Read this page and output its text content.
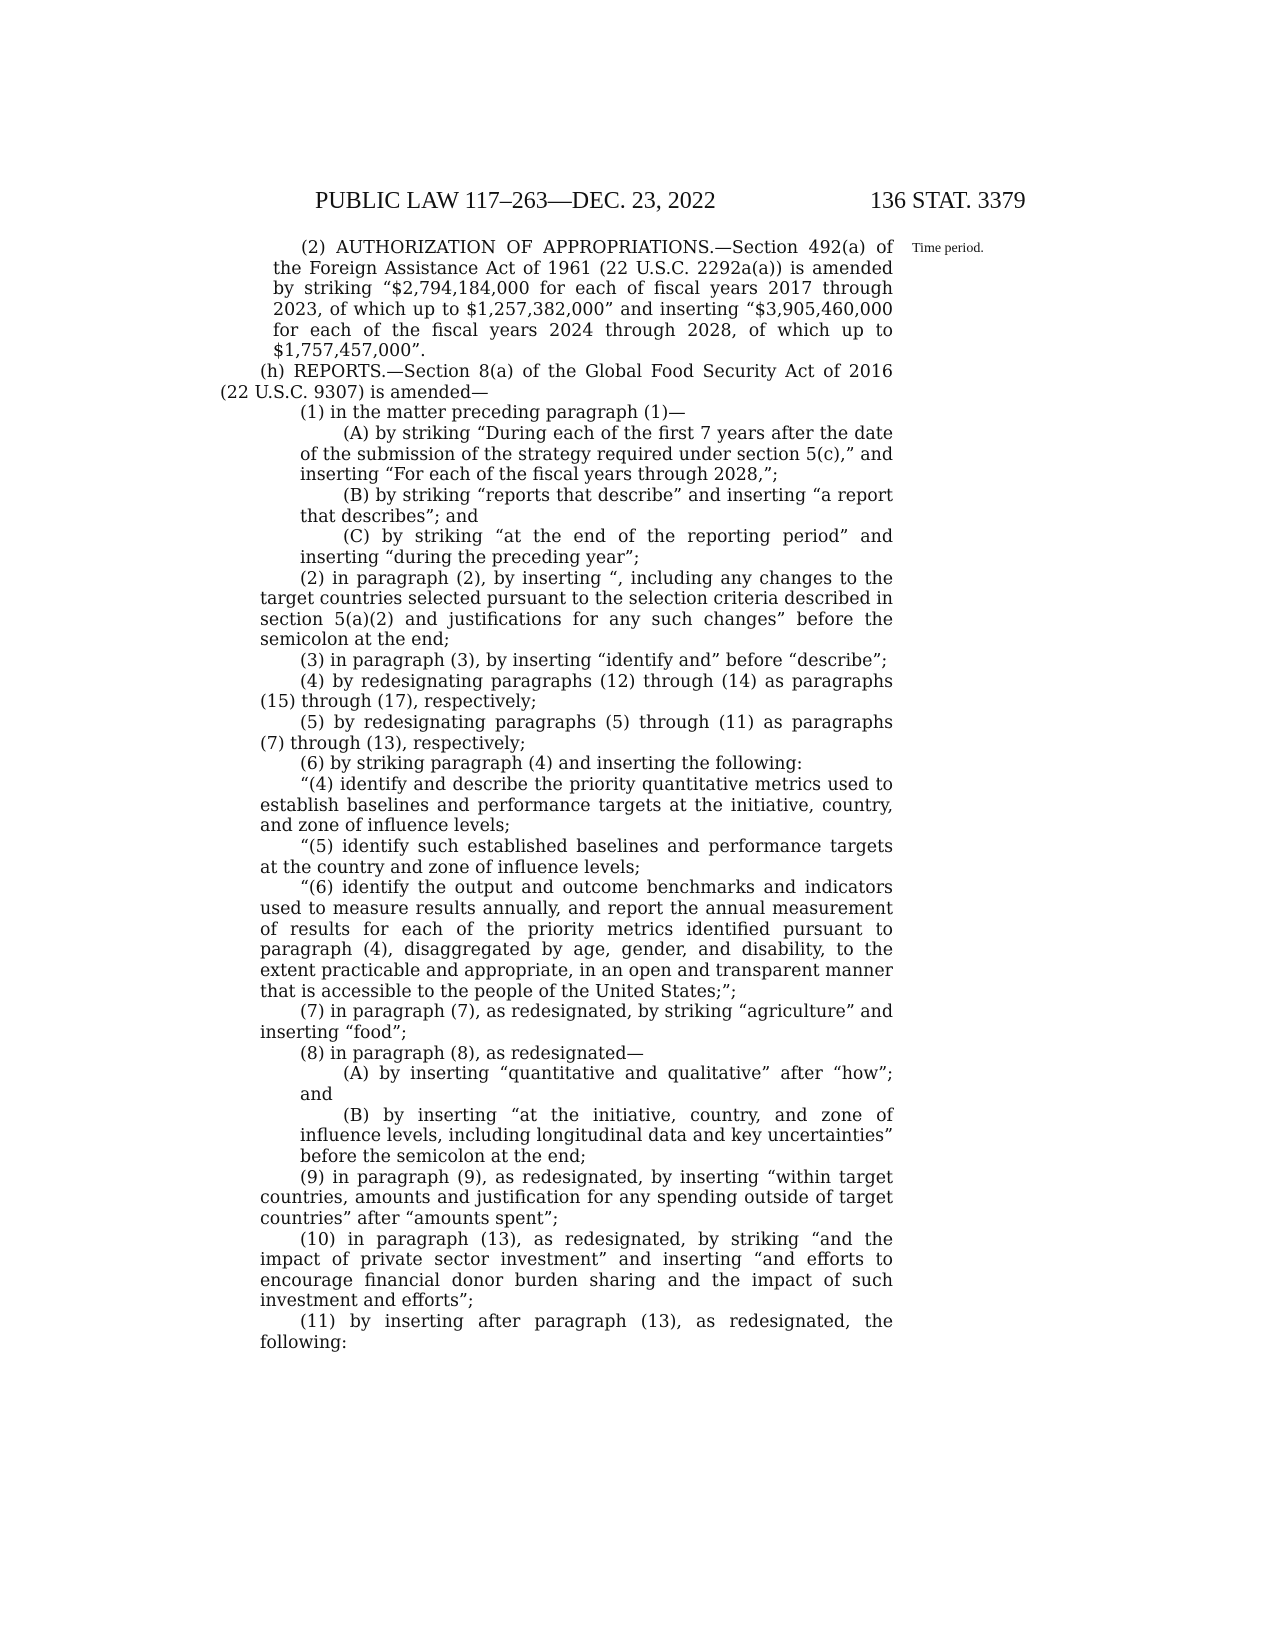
PUBLIC LAW 117–263—DEC. 23, 2022	136 STAT. 3379
Time period.

(2) AUTHORIZATION OF APPROPRIATIONS.—Section 492(a) of the Foreign Assistance Act of 1961 (22 U.S.C. 2292a(a)) is amended by striking “$2,794,184,000 for each of fiscal years 2017 through 2023, of which up to $1,257,382,000” and inserting “$3,905,460,000 for each of the fiscal years 2024 through 2028, of which up to $1,757,457,000”.

(h) REPORTS.—Section 8(a) of the Global Food Security Act of 2016 (22 U.S.C. 9307) is amended—

(1) in the matter preceding paragraph (1)—

(A) by striking “During each of the first 7 years after the date of the submission of the strategy required under section 5(c),” and inserting “For each of the fiscal years through 2028,”;

(B) by striking “reports that describe” and inserting “a report that describes”; and

(C) by striking “at the end of the reporting period” and inserting “during the preceding year”;

(2) in paragraph (2), by inserting “, including any changes to the target countries selected pursuant to the selection criteria described in section 5(a)(2) and justifications for any such changes” before the semicolon at the end;

(3) in paragraph (3), by inserting “identify and” before “describe”;

(4) by redesignating paragraphs (12) through (14) as paragraphs (15) through (17), respectively;

(5) by redesignating paragraphs (5) through (11) as paragraphs (7) through (13), respectively;

(6) by striking paragraph (4) and inserting the following:

“(4) identify and describe the priority quantitative metrics used to establish baselines and performance targets at the initiative, country, and zone of influence levels;

“(5) identify such established baselines and performance targets at the country and zone of influence levels;

“(6) identify the output and outcome benchmarks and indicators used to measure results annually, and report the annual measurement of results for each of the priority metrics identified pursuant to paragraph (4), disaggregated by age, gender, and disability, to the extent practicable and appropriate, in an open and transparent manner that is accessible to the people of the United States;”;

(7) in paragraph (7), as redesignated, by striking “agriculture” and inserting “food”;

(8) in paragraph (8), as redesignated—

(A) by inserting “quantitative and qualitative” after “how”; and

(B) by inserting “at the initiative, country, and zone of influence levels, including longitudinal data and key uncertainties” before the semicolon at the end;

(9) in paragraph (9), as redesignated, by inserting “within target countries, amounts and justification for any spending outside of target countries” after “amounts spent”;

(10) in paragraph (13), as redesignated, by striking “and the impact of private sector investment” and inserting “and efforts to encourage financial donor burden sharing and the impact of such investment and efforts”;

(11) by inserting after paragraph (13), as redesignated, the following:
